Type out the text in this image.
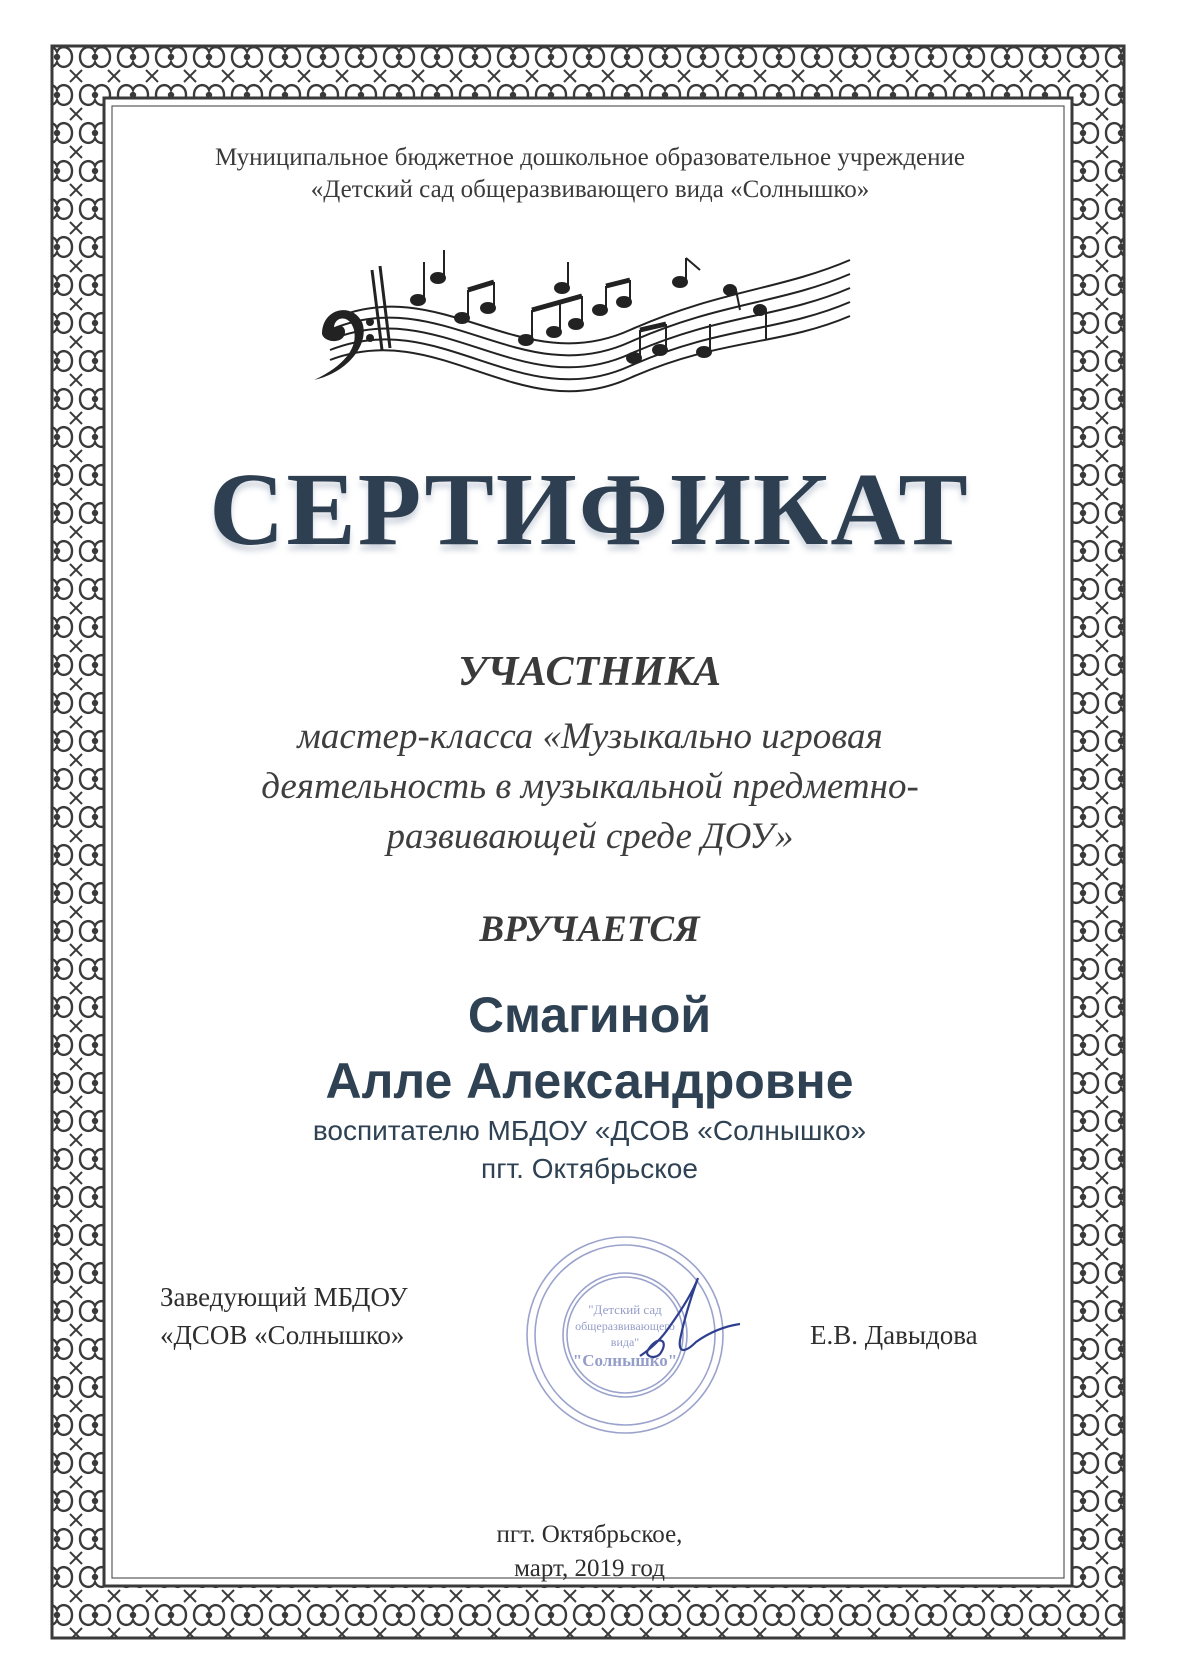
Муниципальное бюджетное дошкольное образовательное учреждение
«Детский сад общеразвивающего вида «Солнышко»
СЕРТИФИКАТ
УЧАСТНИКА
мастер-класса «Музыкально игровая
деятельность в музыкальной предметно-
развивающей среде ДОУ»
ВРУЧАЕТСЯ
Смагиной
Алле Александровне
воспитателю МБДОУ «ДСОВ «Солнышко»
пгт. Октябрьское
Заведующий МБДОУ
«ДСОВ «Солнышко»
"Детский сад
общеразвивающего
вида"
"Солнышко"
Е.В. Давыдова
пгт. Октябрьское,
март, 2019 год
